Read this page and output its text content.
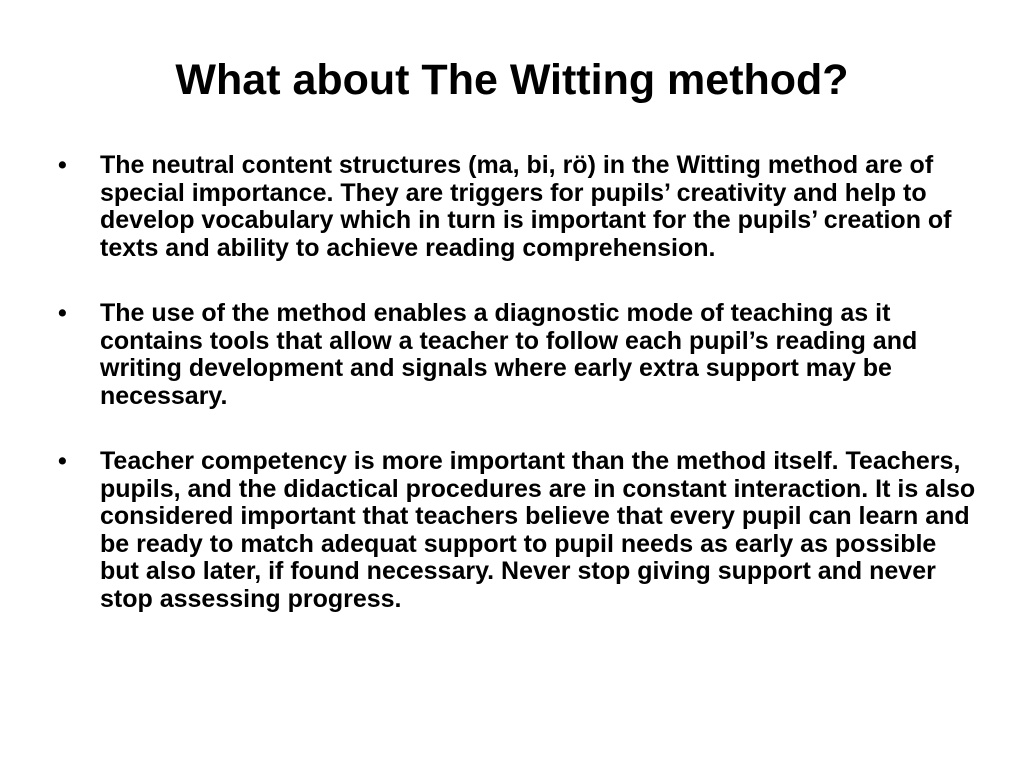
What about The Witting method?
• The neutral content structures (ma, bi, rö) in the Witting method are of special importance. They are triggers for pupils’ creativity and help to develop vocabulary which in turn is important for the pupils’ creation of texts and ability to achieve reading comprehension.
• The use of the method enables a diagnostic mode of teaching as it contains tools that allow a teacher to follow each pupil’s reading and writing development and signals where early extra support may be necessary.
• Teacher competency is more important than the method itself. Teachers, pupils, and the didactical procedures are in constant interaction. It is also considered important that teachers believe that every pupil can learn and be ready to match adequat support to pupil needs as early as possible but also later, if found necessary. Never stop giving support and never stop assessing progress.
